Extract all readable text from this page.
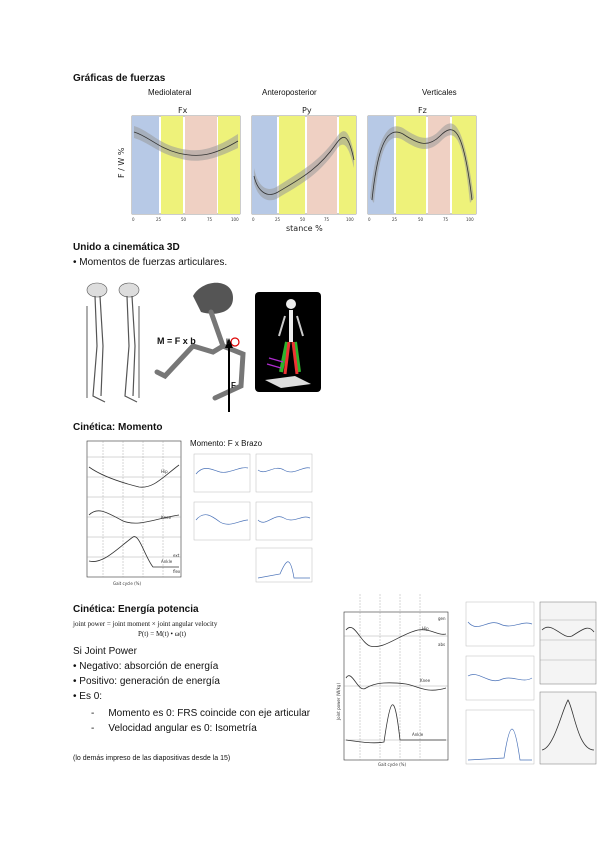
Gráficas de fuerzas
Mediolateral	Anteroposterior	Verticales
0	25	50	75	100	0	25	50	75	100	0	25	50	75	100
Fx	Py	Fz
F / W %
stance %
Unido a cinemática 3D
• Momentos de fuerzas articulares.
M = F x b	b
F
Cinética: Momento
Momento: F x Brazo
Hip
Knee
Ankle
ext
flex
Gait cycle (%)
Cinética: Energía potencia
joint power = joint moment × joint angular velocity
P(t) = M(t) • ω(t)
Si Joint Power
• Negativo: absorción de energía
• Positivo: generación de energía
• Es 0:
- Momento es 0: FRS coincide con eje articular
- Velocidad angular es 0: Isometría
(lo demás impreso de las diapositivas desde la 15)
Hip
Knee
Ankle
gen
abs
Joint power (W/kg)
Gait cycle (%)
